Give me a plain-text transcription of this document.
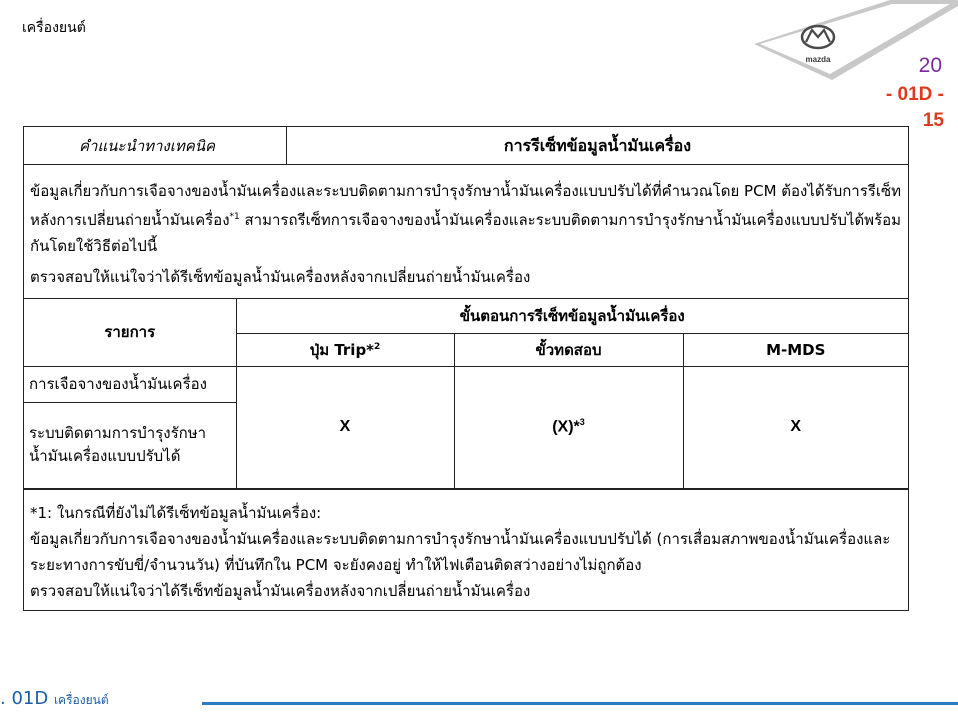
เครื่องยนต์
mazda	20
- 01D -
15
คำแนะนำทางเทคนิค	การรีเซ็ทข้อมูลน้ำมันเครื่อง

ข้อมูลเกี่ยวกับการเจือจางของน้ำมันเครื่องและระบบติดตามการบำรุงรักษาน้ำมันเครื่องแบบปรับได้ที่คำนวณโดย PCM ต้องได้รับการรีเซ็ทหลังการเปลี่ยนถ่ายน้ำมันเครื่อง$^{*1}$ สามารถรีเซ็ทการเจือจางของน้ำมันเครื่องและระบบติดตามการบำรุงรักษาน้ำมันเครื่องแบบปรับได้พร้อมกันโดยใช้วิธีต่อไปนี้

ตรวจสอบให้แน่ใจว่าได้รีเซ็ทข้อมูลน้ำมันเครื่องหลังจากเปลี่ยนถ่ายน้ำมันเครื่อง

รายการ	ขั้นตอนการรีเซ็ทข้อมูลน้ำมันเครื่อง		
	ปุ่ม Trip*$^2$	ขั้วทดสอบ	M-MDS
การเจือจางของน้ำมันเครื่อง	X	(X)*$^3$	X
ระบบติดตามการบำรุงรักษาน้ำมันเครื่องแบบปรับได้			

*1: ในกรณีที่ยังไม่ได้รีเซ็ทข้อมูลน้ำมันเครื่อง:

ข้อมูลเกี่ยวกับการเจือจางของน้ำมันเครื่องและระบบติดตามการบำรุงรักษาน้ำมันเครื่องแบบปรับได้ (การเสื่อมสภาพของน้ำมันเครื่องและระยะทางการขับขี่/จำนวนวัน) ที่บันทึกใน PCM จะยังคงอยู่ ทำให้ไฟเตือนติดสว่างอย่างไม่ถูกต้อง

ตรวจสอบให้แน่ใจว่าได้รีเซ็ทข้อมูลน้ำมันเครื่องหลังจากเปลี่ยนถ่ายน้ำมันเครื่อง

. 01D เครื่องยนต์
